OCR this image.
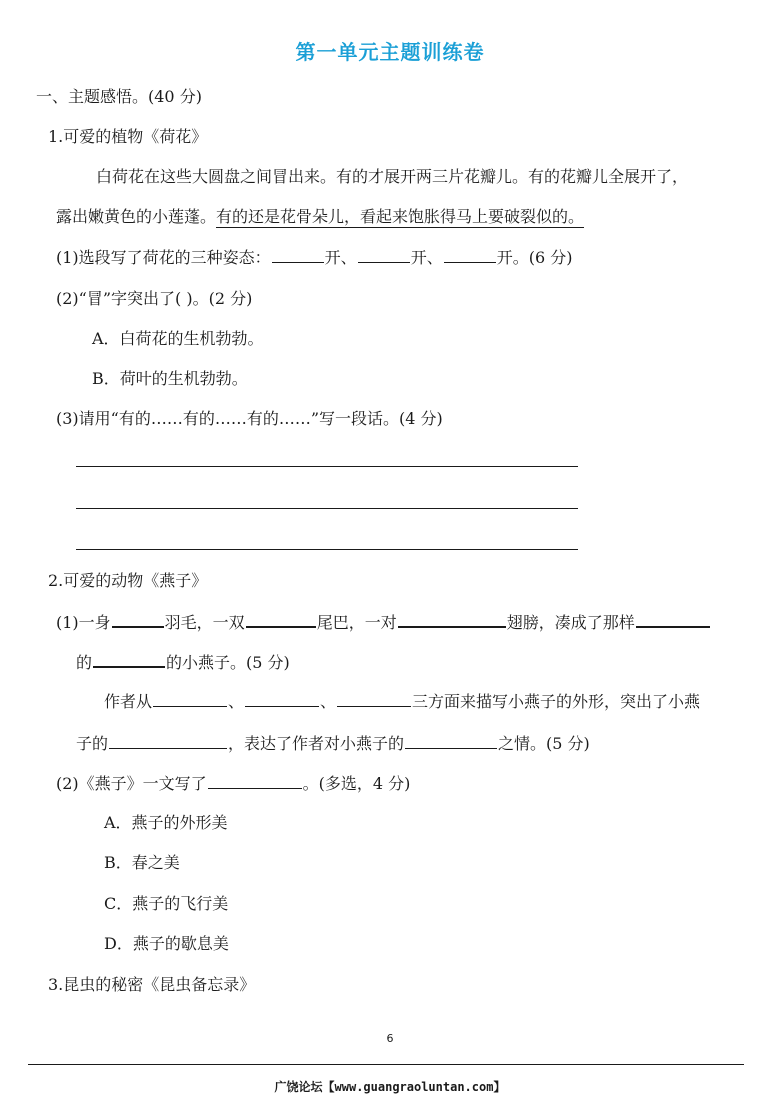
第一单元主题训练卷
一、主题感悟。(40 分)
1.可爱的植物《荷花》
白荷花在这些大圆盘之间冒出来。有的才展开两三片花瓣儿。有的花瓣儿全展开了，
露出嫩黄色的小莲蓬。有的还是花骨朵儿，看起来饱胀得马上要破裂似的。
(1)选段写了荷花的三种姿态：	开、	开、	开。(6 分)
(2)“冒”字突出了( )。(2 分)
A．白荷花的生机勃勃。
B．荷叶的生机勃勃。
(3)请用“有的……有的……有的……”写一段话。(4 分)
2.可爱的动物《燕子》
(1)一身	羽毛，一双	尾巴，一对	翅膀，凑成了那样
的	的小燕子。(5 分)
作者从	、	、	三方面来描写小燕子的外形，突出了小燕
子的	，表达了作者对小燕子的	之情。(5 分)
(2)《燕子》一文写了	。(多选，4 分)
A．燕子的外形美
B．春之美
C．燕子的飞行美
D．燕子的歇息美
3.昆虫的秘密《昆虫备忘录》
6
广饶论坛【www.guangraoluntan.com】
